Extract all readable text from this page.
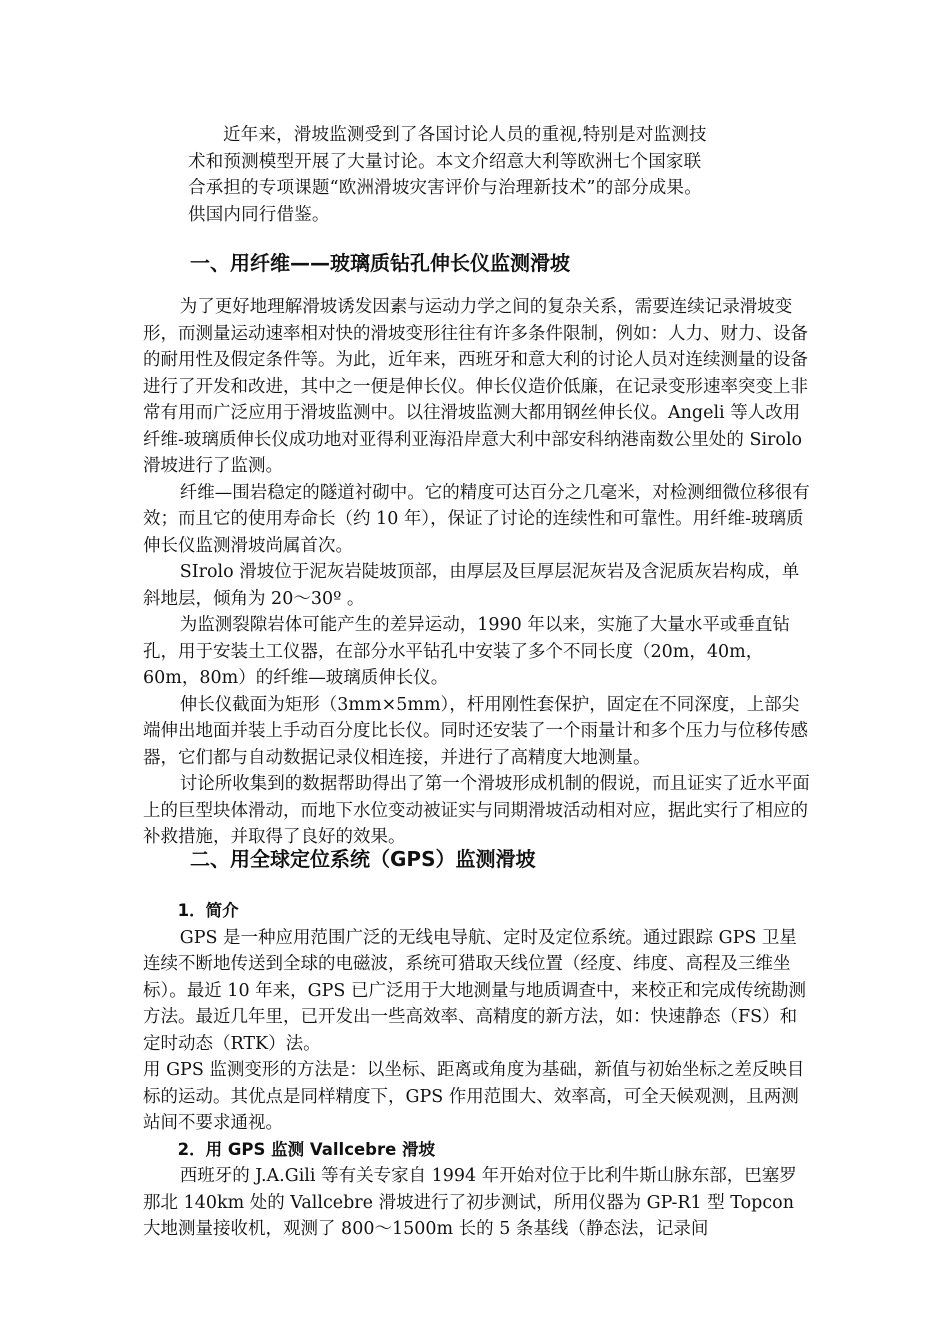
近年来，滑坡监测受到了各国讨论人员的重视,特别是对监测技

术和预测模型开展了大量讨论。本文介绍意大利等欧洲七个国家联

合承担的专项课题“欧洲滑坡灾害评价与治理新技术”的部分成果。

供国内同行借鉴。

一、用纤维——玻璃质钻孔伸长仪监测滑坡

为了更好地理解滑坡诱发因素与运动力学之间的复杂关系，需要连续记录滑坡变形，而测量运动速率相对快的滑坡变形往往有许多条件限制，例如：人力、财力、设备的耐用性及假定条件等。为此，近年来，西班牙和意大利的讨论人员对连续测量的设备进行了开发和改进，其中之一便是伸长仪。伸长仪造价低廉，在记录变形速率突变上非常有用而广泛应用于滑坡监测中。以往滑坡监测大都用钢丝伸长仪。Angeli 等人改用纤维-玻璃质伸长仪成功地对亚得利亚海沿岸意大利中部安科纳港南数公里处的 Sirolo 滑坡进行了监测。

纤维—围岩稳定的隧道衬砌中。它的精度可达百分之几毫米，对检测细微位移很有效；而且它的使用寿命长（约 10 年），保证了讨论的连续性和可靠性。用纤维-玻璃质伸长仪监测滑坡尚属首次。

SIrolo 滑坡位于泥灰岩陡坡顶部，由厚层及巨厚层泥灰岩及含泥质灰岩构成，单斜地层，倾角为 20～30º 。

为监测裂隙岩体可能产生的差异运动，1990 年以来，实施了大量水平或垂直钻孔，用于安装土工仪器，在部分水平钻孔中安装了多个不同长度（20m，40m，60m，80m）的纤维—玻璃质伸长仪。

伸长仪截面为矩形（3mm×5mm），杆用刚性套保护，固定在不同深度，上部尖端伸出地面并装上手动百分度比长仪。同时还安装了一个雨量计和多个压力与位移传感器，它们都与自动数据记录仪相连接，并进行了高精度大地测量。

讨论所收集到的数据帮助得出了第一个滑坡形成机制的假说，而且证实了近水平面上的巨型块体滑动，而地下水位变动被证实与同期滑坡活动相对应，据此实行了相应的补救措施，并取得了良好的效果。

二、用全球定位系统（GPS）监测滑坡

1．简介

GPS 是一种应用范围广泛的无线电导航、定时及定位系统。通过跟踪 GPS 卫星连续不断地传送到全球的电磁波，系统可猎取天线位置（经度、纬度、高程及三维坐标）。最近 10 年来，GPS 已广泛用于大地测量与地质调查中，来校正和完成传统勘测方法。最近几年里，已开发出一些高效率、高精度的新方法，如：快速静态（FS）和定时动态（RTK）法。

用 GPS 监测变形的方法是：以坐标、距离或角度为基础，新值与初始坐标之差反映目标的运动。其优点是同样精度下，GPS 作用范围大、效率高，可全天候观测，且两测站间不要求通视。

2．用 GPS 监测 Vallcebre 滑坡

西班牙的 J.A.Gili 等有关专家自 1994 年开始对位于比利牛斯山脉东部，巴塞罗那北 140km 处的 Vallcebre 滑坡进行了初步测试，所用仪器为 GP-R1 型 Topcon 大地测量接收机，观测了 800～1500m 长的 5 条基线（静态法，记录间
